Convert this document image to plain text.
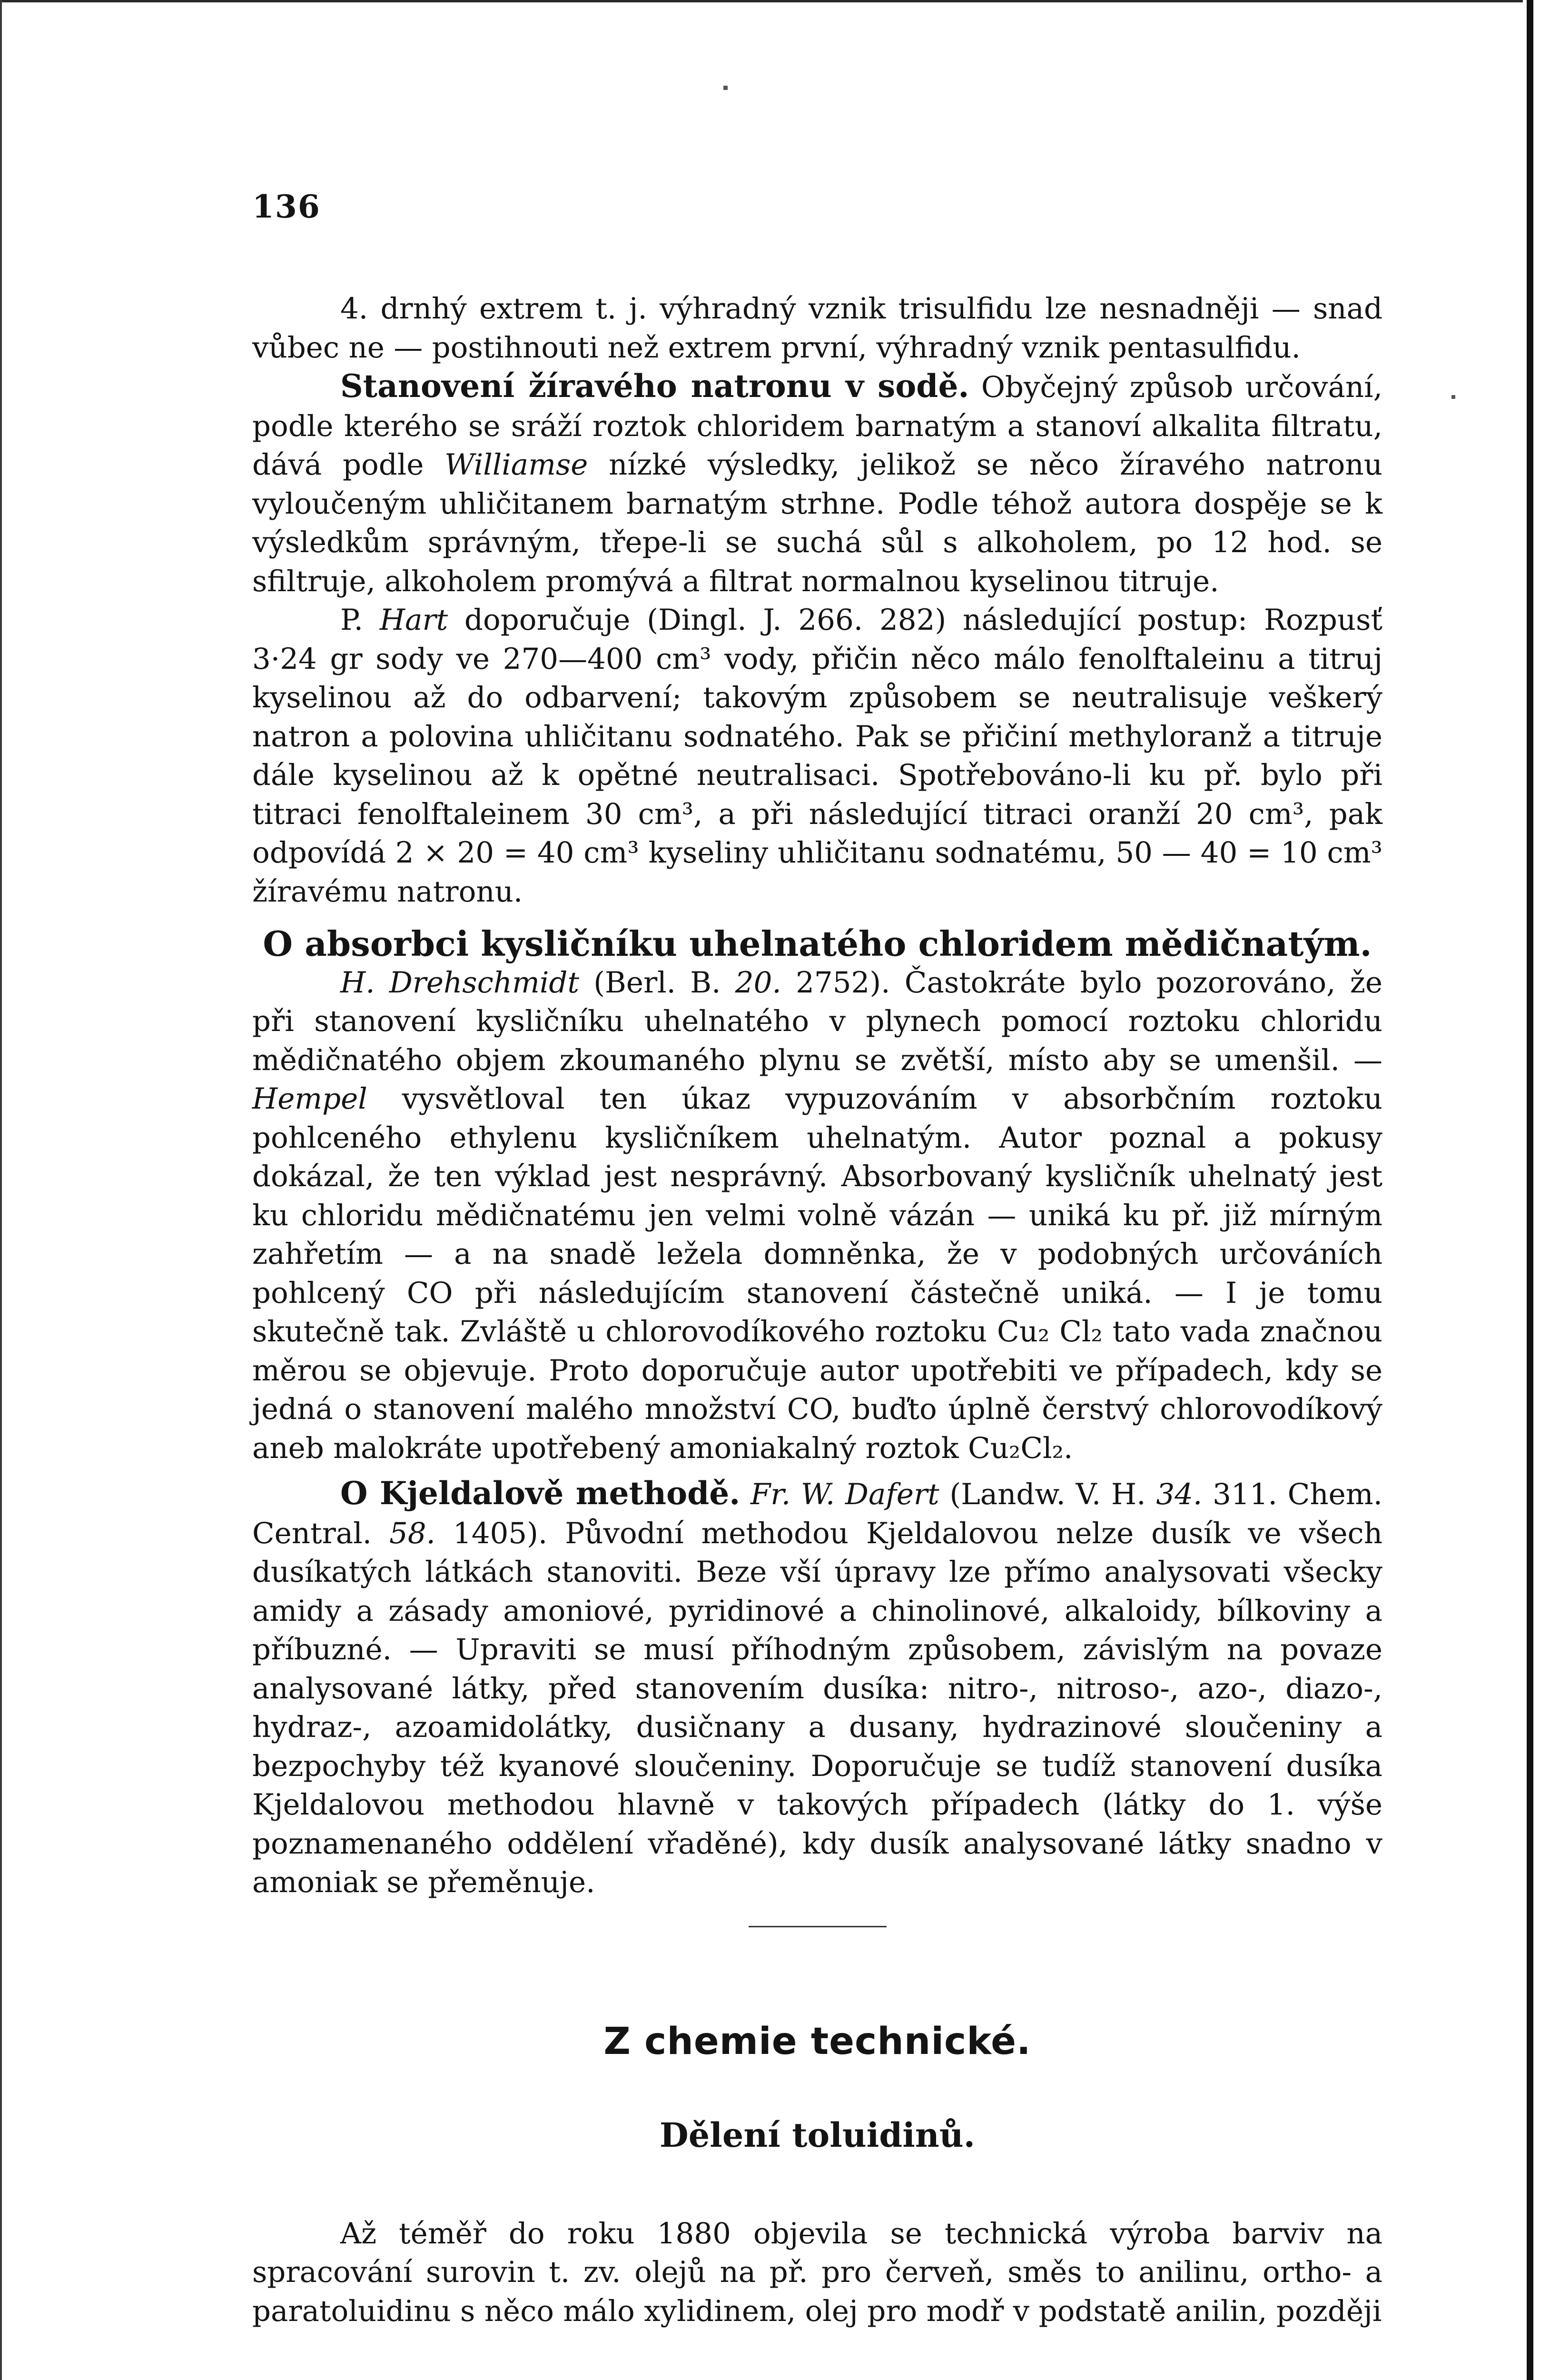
136

4. drnhý extrem t. j. výhradný vznik trisulfidu lze nesnadněji — snad vůbec ne — postihnouti než extrem první, výhradný vznik pentasulfidu.

Stanovení žíravého natronu v sodě. Obyčejný způsob určování, podle kterého se sráží roztok chloridem barnatým a stanoví alkalita filtratu, dává podle Williamse nízké výsledky, jelikož se něco žíravého natronu vyloučeným uhličitanem barnatým strhne. Podle téhož autora dospěje se k výsledkům správným, třepe-li se suchá sůl s alkoholem, po 12 hod. se sfiltruje, alkoholem promývá a filtrat normalnou kyselinou titruje.

P. Hart doporučuje (Dingl. J. 266. 282) následující postup: Rozpusť 3·24 gr sody ve 270—400 cm³ vody, přičin něco málo fenolftaleinu a titruj kyselinou až do odbarvení; takovým způsobem se neutralisuje veškerý natron a polovina uhličitanu sodnatého. Pak se přičiní methyloranž a titruje dále kyselinou až k opětné neutralisaci. Spotřebováno-li ku př. bylo při titraci fenolftaleinem 30 cm³, a při následující titraci oranží 20 cm³, pak odpovídá 2 × 20 = 40 cm³ kyseliny uhličitanu sodnatému, 50 — 40 = 10 cm³ žíravému natronu.

O absorbci kysličníku uhelnatého chloridem mědičnatým.

H. Drehschmidt (Berl. B. 20. 2752). Častokráte bylo pozorováno, že při stanovení kysličníku uhelnatého v plynech pomocí roztoku chloridu mědičnatého objem zkoumaného plynu se zvětší, místo aby se umenšil. — Hempel vysvětloval ten úkaz vypuzováním v absorbčním roztoku pohlceného ethylenu kysličníkem uhelnatým. Autor poznal a pokusy dokázal, že ten výklad jest nesprávný. Absorbovaný kysličník uhelnatý jest ku chloridu mědičnatému jen velmi volně vázán — uniká ku př. již mírným zahřetím — a na snadě ležela domněnka, že v podobných určováních pohlcený CO při následujícím stanovení částečně uniká. — I je tomu skutečně tak. Zvláště u chlorovodíkového roztoku Cu₂ Cl₂ tato vada značnou měrou se objevuje. Proto doporučuje autor upotřebiti ve případech, kdy se jedná o stanovení malého množství CO, buďto úplně čerstvý chlorovodíkový aneb malokráte upotřebený amoniakalný roztok Cu₂Cl₂.

O Kjeldalově methodě. Fr. W. Dafert (Landw. V. H. 34. 311. Chem. Central. 58. 1405). Původní methodou Kjeldalovou nelze dusík ve všech dusíkatých látkách stanoviti. Beze vší úpravy lze přímo analysovati všecky amidy a zásady amoniové, pyridinové a chinolinové, alkaloidy, bílkoviny a příbuzné. — Upraviti se musí příhodným způsobem, závislým na povaze analysované látky, před stanovením dusíka: nitro-, nitroso-, azo-, diazo-, hydraz-, azoamidolátky, dusičnany a dusany, hydrazinové sloučeniny a bezpochyby též kyanové sloučeniny. Doporučuje se tudíž stanovení dusíka Kjeldalovou methodou hlavně v takových případech (látky do 1. výše poznamenaného oddělení vřaděné), kdy dusík analysované látky snadno v amoniak se přeměnuje.

Z chemie technické.
Dělení toluidinů.

Až téměř do roku 1880 objevila se technická výroba barviv na spracování surovin t. zv. olejů na př. pro červeň, směs to anilinu, ortho- a paratoluidinu s něco málo xylidinem, olej pro modř v podstatě anilin, později
